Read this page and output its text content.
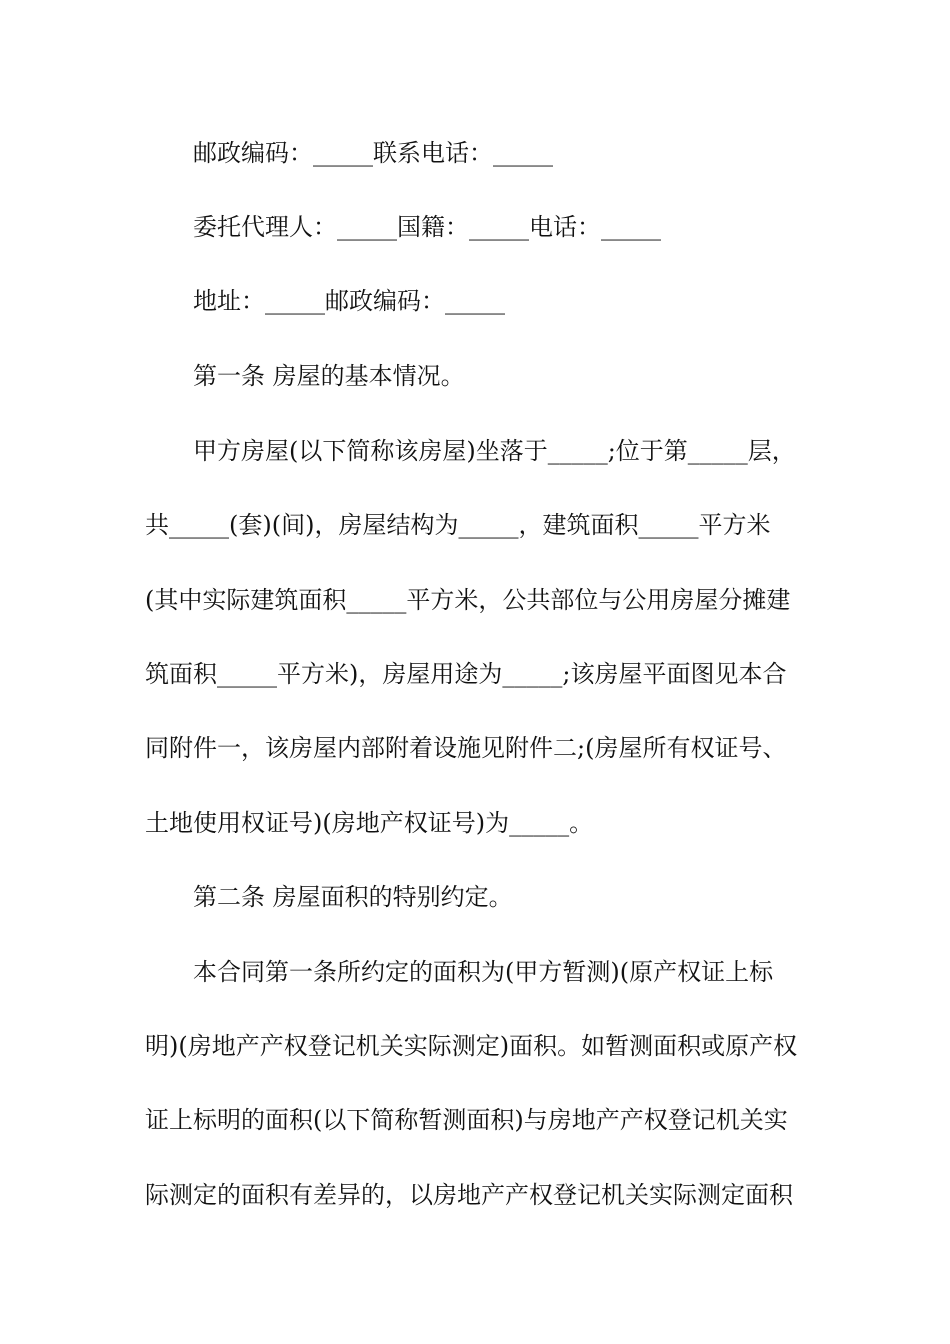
邮政编码：_____联系电话：_____
委托代理人：_____国籍：_____电话：_____
地址：_____邮政编码：_____
第一条 房屋的基本情况。
甲方房屋(以下简称该房屋)坐落于_____;位于第_____层，
共_____(套)(间)，房屋结构为_____，建筑面积_____平方米
(其中实际建筑面积_____平方米，公共部位与公用房屋分摊建
筑面积_____平方米)，房屋用途为_____;该房屋平面图见本合
同附件一，该房屋内部附着设施见附件二;(房屋所有权证号、
土地使用权证号)(房地产权证号)为_____。
第二条 房屋面积的特别约定。
本合同第一条所约定的面积为(甲方暂测)(原产权证上标
明)(房地产产权登记机关实际测定)面积。如暂测面积或原产权
证上标明的面积(以下简称暂测面积)与房地产产权登记机关实
际测定的面积有差异的，以房地产产权登记机关实际测定面积
